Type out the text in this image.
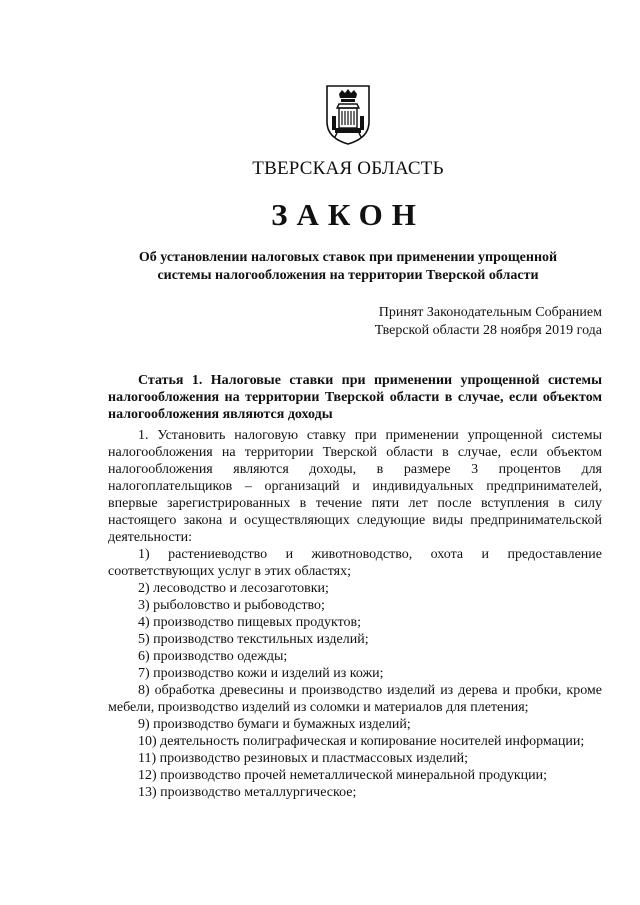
ТВЕРСКАЯ ОБЛАСТЬ
ЗАКОН
Об установлении налоговых ставок при применении упрощенной
системы налогообложения на территории Тверской области
Принят Законодательным Собранием
Тверской области 28 ноября 2019 года
Статья 1. Налоговые ставки при применении упрощенной системы налогообложения на территории Тверской области в случае, если объектом налогообложения являются доходы

1. Установить налоговую ставку при применении упрощенной системы налогообложения на территории Тверской области в случае, если объектом налогообложения являются доходы, в размере 3 процентов для налогоплательщиков – организаций и индивидуальных предпринимателей, впервые зарегистрированных в течение пяти лет после вступления в силу настоящего закона и осуществляющих следующие виды предпринимательской деятельности:

1) растениеводство и животноводство, охота и предоставление соответствующих услуг в этих областях;

2) лесоводство и лесозаготовки;

3) рыболовство и рыбоводство;

4) производство пищевых продуктов;

5) производство текстильных изделий;

6) производство одежды;

7) производство кожи и изделий из кожи;

8) обработка древесины и производство изделий из дерева и пробки, кроме мебели, производство изделий из соломки и материалов для плетения;

9) производство бумаги и бумажных изделий;

10) деятельность полиграфическая и копирование носителей информации;

11) производство резиновых и пластмассовых изделий;

12) производство прочей неметаллической минеральной продукции;

13) производство металлургическое;
